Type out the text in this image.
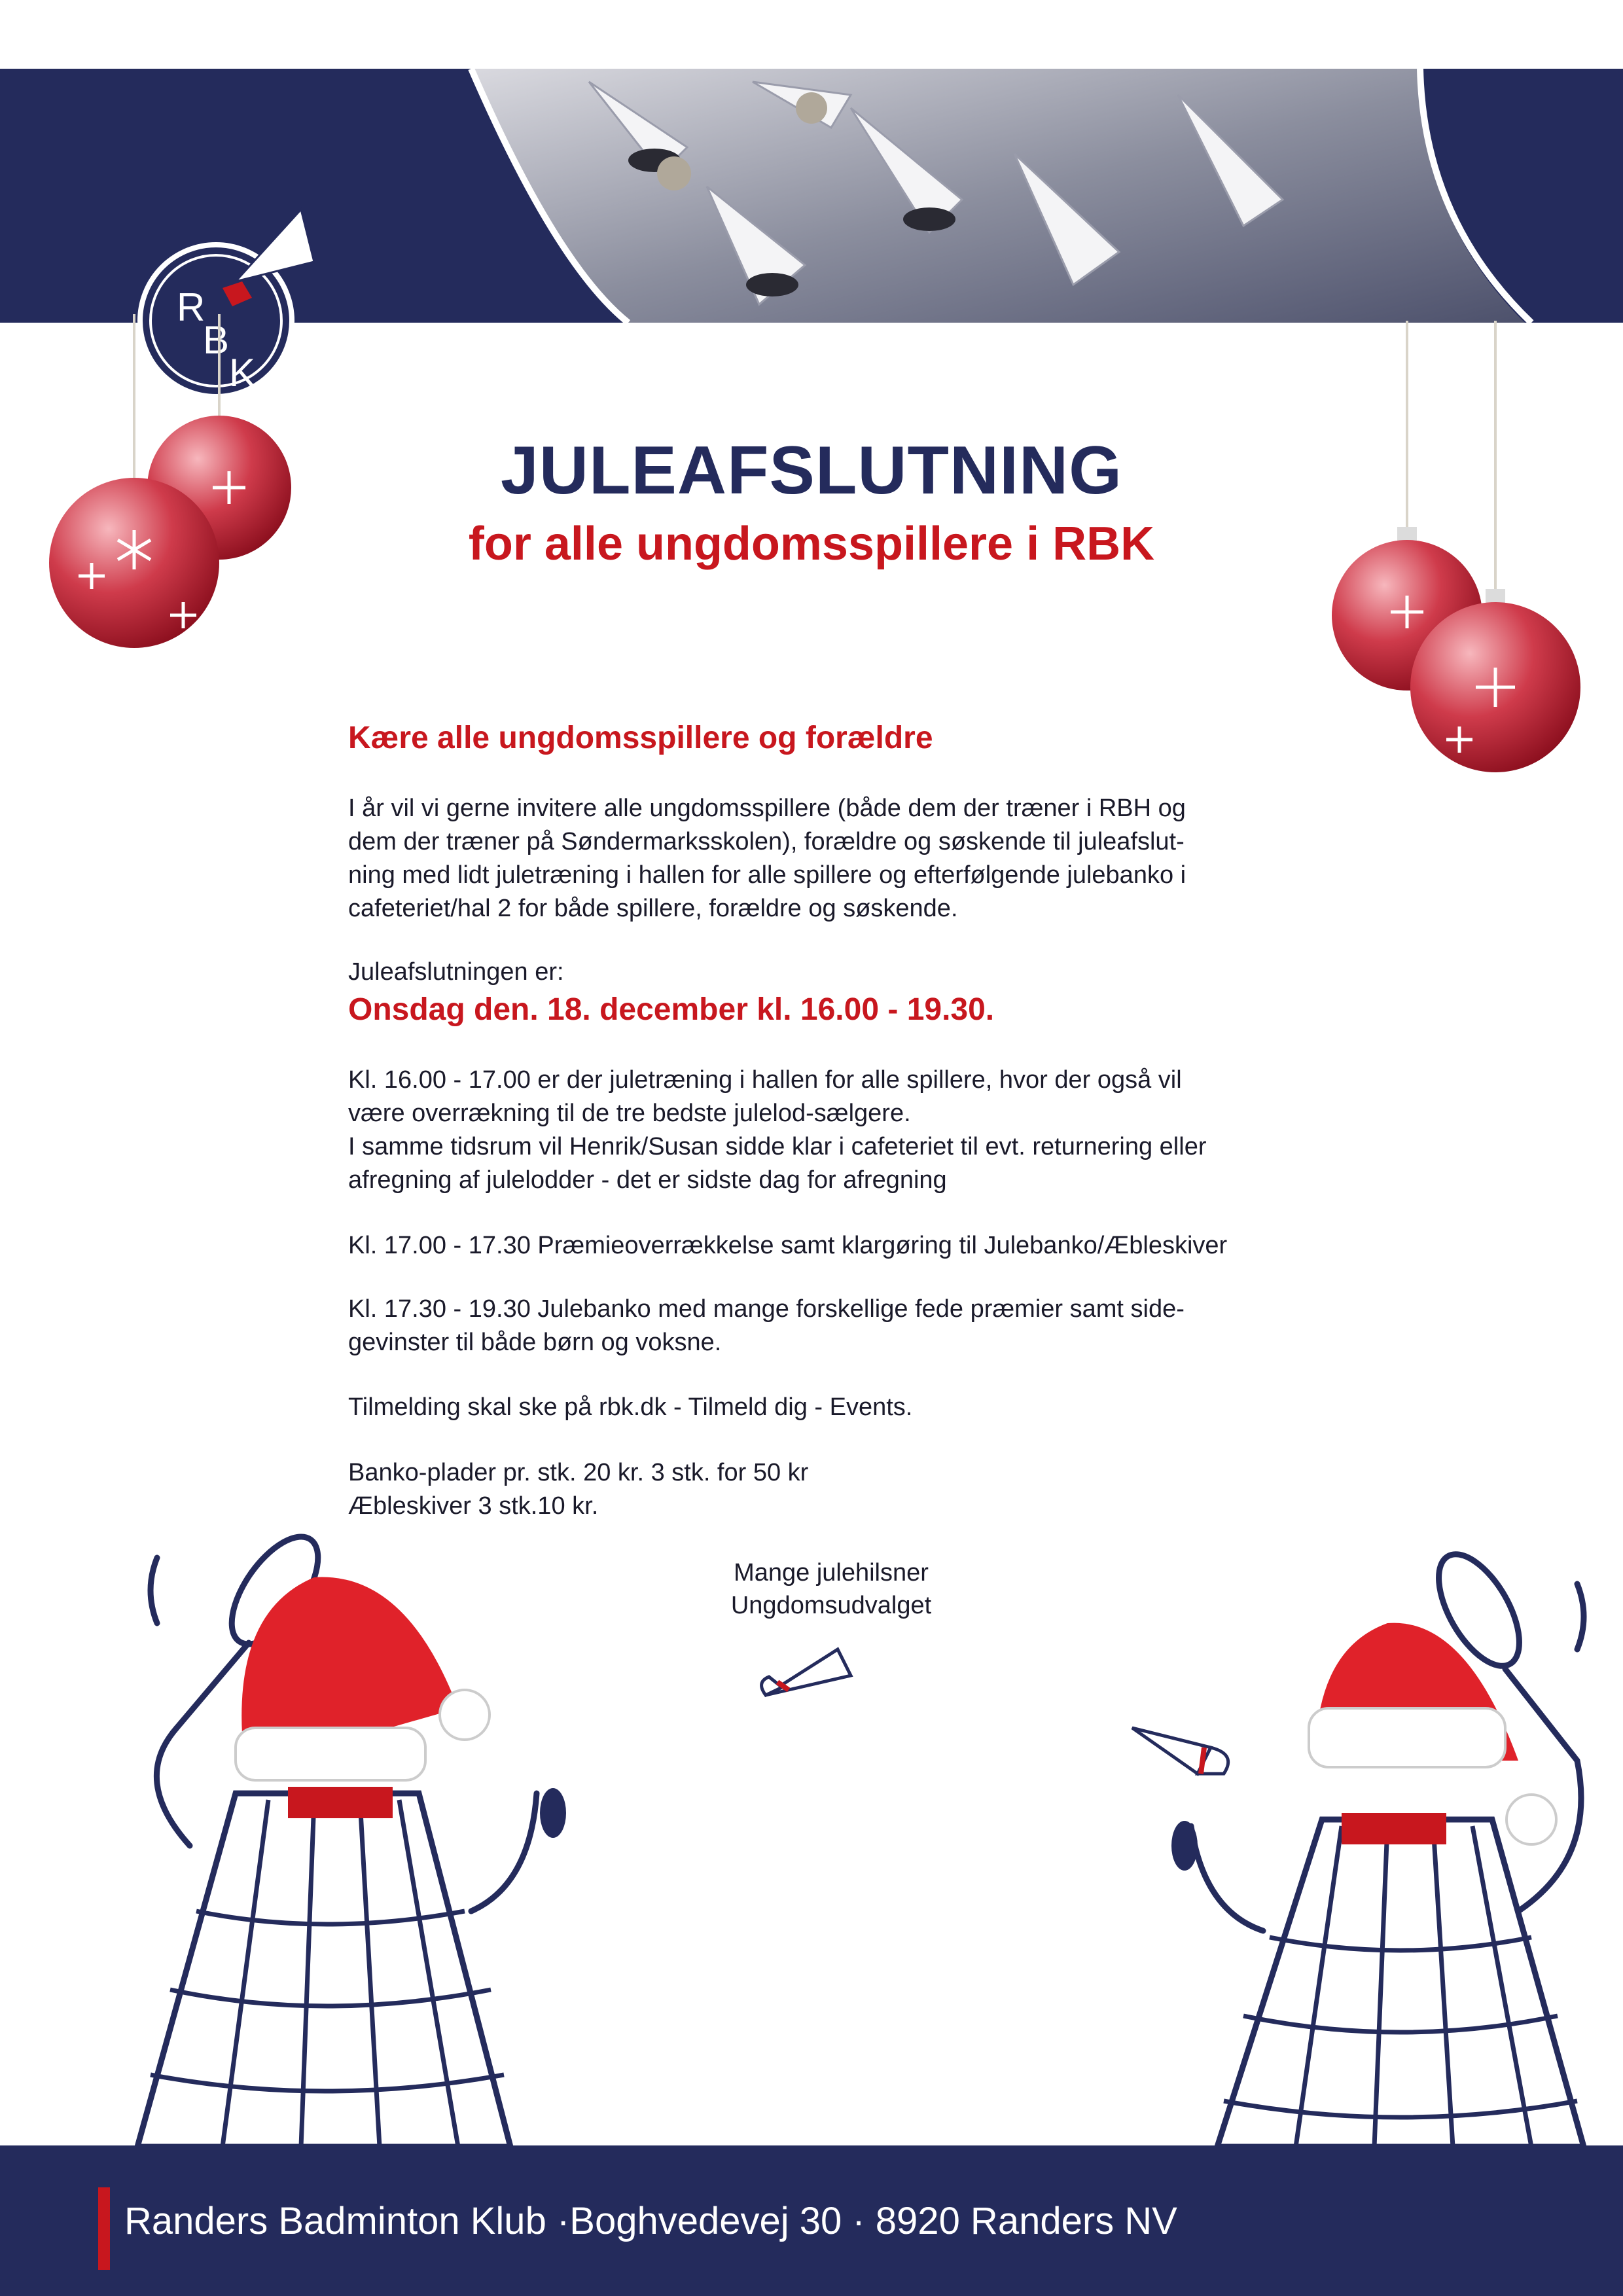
R
B
K
JULEAFSLUTNING
for alle ungdomsspillere i RBK
Kære alle ungdomsspillere og forældre
I år vil vi gerne invitere alle ungdomsspillere (både dem der træner i RBH og
dem der træner på Søndermarksskolen), forældre og søskende til juleafslut-
ning med lidt juletræning i hallen for alle spillere og efterfølgende julebanko i
cafeteriet/hal 2 for både spillere, forældre og søskende.
Juleafslutningen er:
Onsdag den. 18. december kl. 16.00 - 19.30.
Kl. 16.00 - 17.00 er der juletræning i hallen for alle spillere, hvor der også vil
være overrækning til de tre bedste julelod-sælgere.
I samme tidsrum vil Henrik/Susan sidde klar i cafeteriet til evt. returnering eller
afregning af julelodder - det er sidste dag for afregning
Kl. 17.00 - 17.30 Præmieoverrækkelse samt klargøring til Julebanko/Æbleskiver
Kl. 17.30 - 19.30 Julebanko med mange forskellige fede præmier samt side-
gevinster til både børn og voksne.
Tilmelding skal ske på rbk.dk - Tilmeld dig - Events.
Banko-plader pr. stk. 20 kr. 3 stk. for 50 kr
Æbleskiver 3 stk.10 kr.
Mange julehilsner
Ungdomsudvalget
Randers Badminton Klub ·Boghvedevej 30 · 8920 Randers NV
